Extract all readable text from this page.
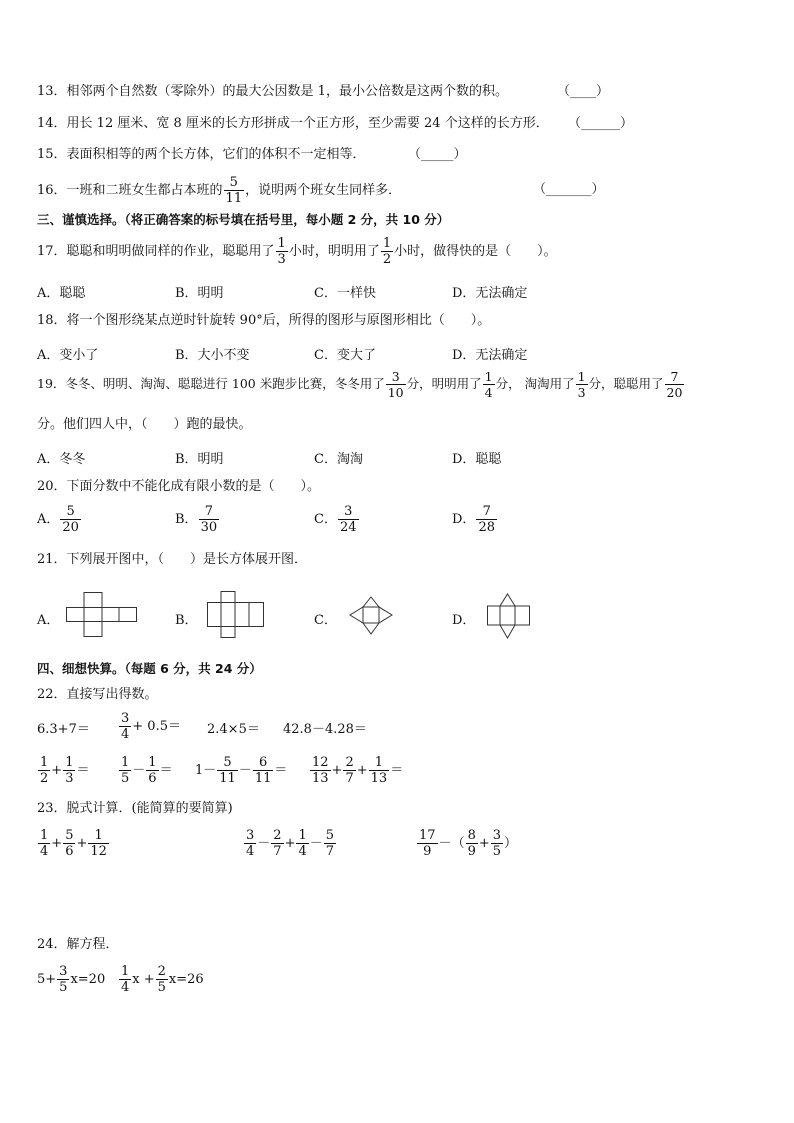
13．相邻两个自然数（零除外）的最大公因数是 1，最小公倍数是这两个数的积。	（____）
14．用长 12 厘米、宽 8 厘米的长方形拼成一个正方形，至少需要 24 个这样的长方形． （______）
15．表面积相等的两个长方体，它们的体积不一定相等．	（_____）
16．一班和二班女生都占本班的 $\frac{5}{11}$ ，说明两个班女生同样多．	（_______）
三、谨慎选择。（将正确答案的标号填在括号里，每小题 2 分，共 10 分）
17．聪聪和明明做同样的作业，聪聪用了 $\frac{1}{3}$ 小时，明明用了 $\frac{1}{2}$ 小时，做得快的是（　　）。
A．聪聪	B．明明	C．一样快	D．无法确定
18．将一个图形绕某点逆时针旋转 90°后，所得的图形与原图形相比（　　）。
A．变小了	B．大小不变	C．变大了	D．无法确定
19．冬冬、明明、淘淘、聪聪进行 100 米跑步比赛，冬冬用了 $\frac{3}{10}$ 分，明明用了 $\frac{1}{4}$ 分， 淘淘用了 $\frac{1}{3}$ 分，聪聪用了 $\frac{7}{20}$
分。他们四人中，（　　）跑的最快。
A．冬冬	B．明明	C．淘淘	D．聪聪
20．下面分数中不能化成有限小数的是（　　）。
A． $\frac{5}{20}$	B． $\frac{7}{30}$	C． $\frac{3}{24}$	D． $\frac{7}{28}$
21．下列展开图中，（　　）是长方体展开图．
A．	B．	C．	D．
四、细想快算。（每题 6 分，共 24 分）
22．直接写出得数。
$6.3+7= \frac{3}{4} + 0.5= 2.4\times 5= 42.8-4.28=$
$\frac{1}{2} + \frac{1}{3} = \frac{1}{5} - \frac{1}{6} = 1- \frac{5}{11} - \frac{6}{11} = \frac{12}{13} + \frac{2}{7} + \frac{1}{13}$ ＝
23．脱式计算．(能简算的要简算)
$\frac{1}{4} + \frac{5}{6} + \frac{1}{12}$	$\frac{3}{4} - \frac{2}{7} + \frac{1}{4} - \frac{5}{7}$	$\frac{17}{9}$ －（ $\frac{8}{9} + \frac{3}{5}$ ）
24．解方程．
$5+ \frac{3}{5} x=20 \frac{1}{4}$ $x + \frac{2}{5} x=26$
